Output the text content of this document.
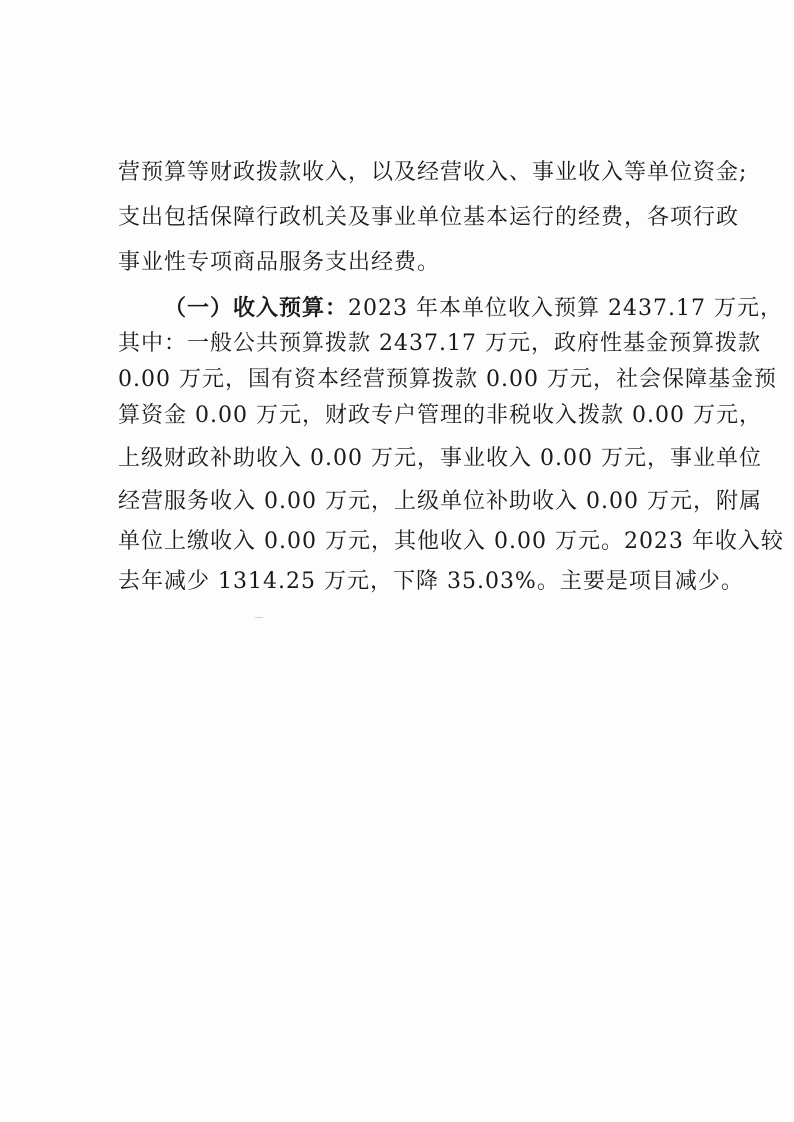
营预算等财政拨款收入，以及经营收入、事业收入等单位资金;
支出包括保障行政机关及事业单位基本运行的经费，各项行政
事业性专项商品服务支出经费。
（一）收入预算：2023 年本单位收入预算 2437.17 万元，
其中：一般公共预算拨款 2437.17 万元，政府性基金预算拨款
0.00 万元，国有资本经营预算拨款 0.00 万元，社会保障基金预
算资金 0.00 万元，财政专户管理的非税收入拨款 0.00 万元，
上级财政补助收入 0.00 万元，事业收入 0.00 万元，事业单位
经营服务收入 0.00 万元，上级单位补助收入 0.00 万元，附属
单位上缴收入 0.00 万元，其他收入 0.00 万元。2023 年收入较
去年减少 1314.25 万元，下降 35.03%。主要是项目减少。
